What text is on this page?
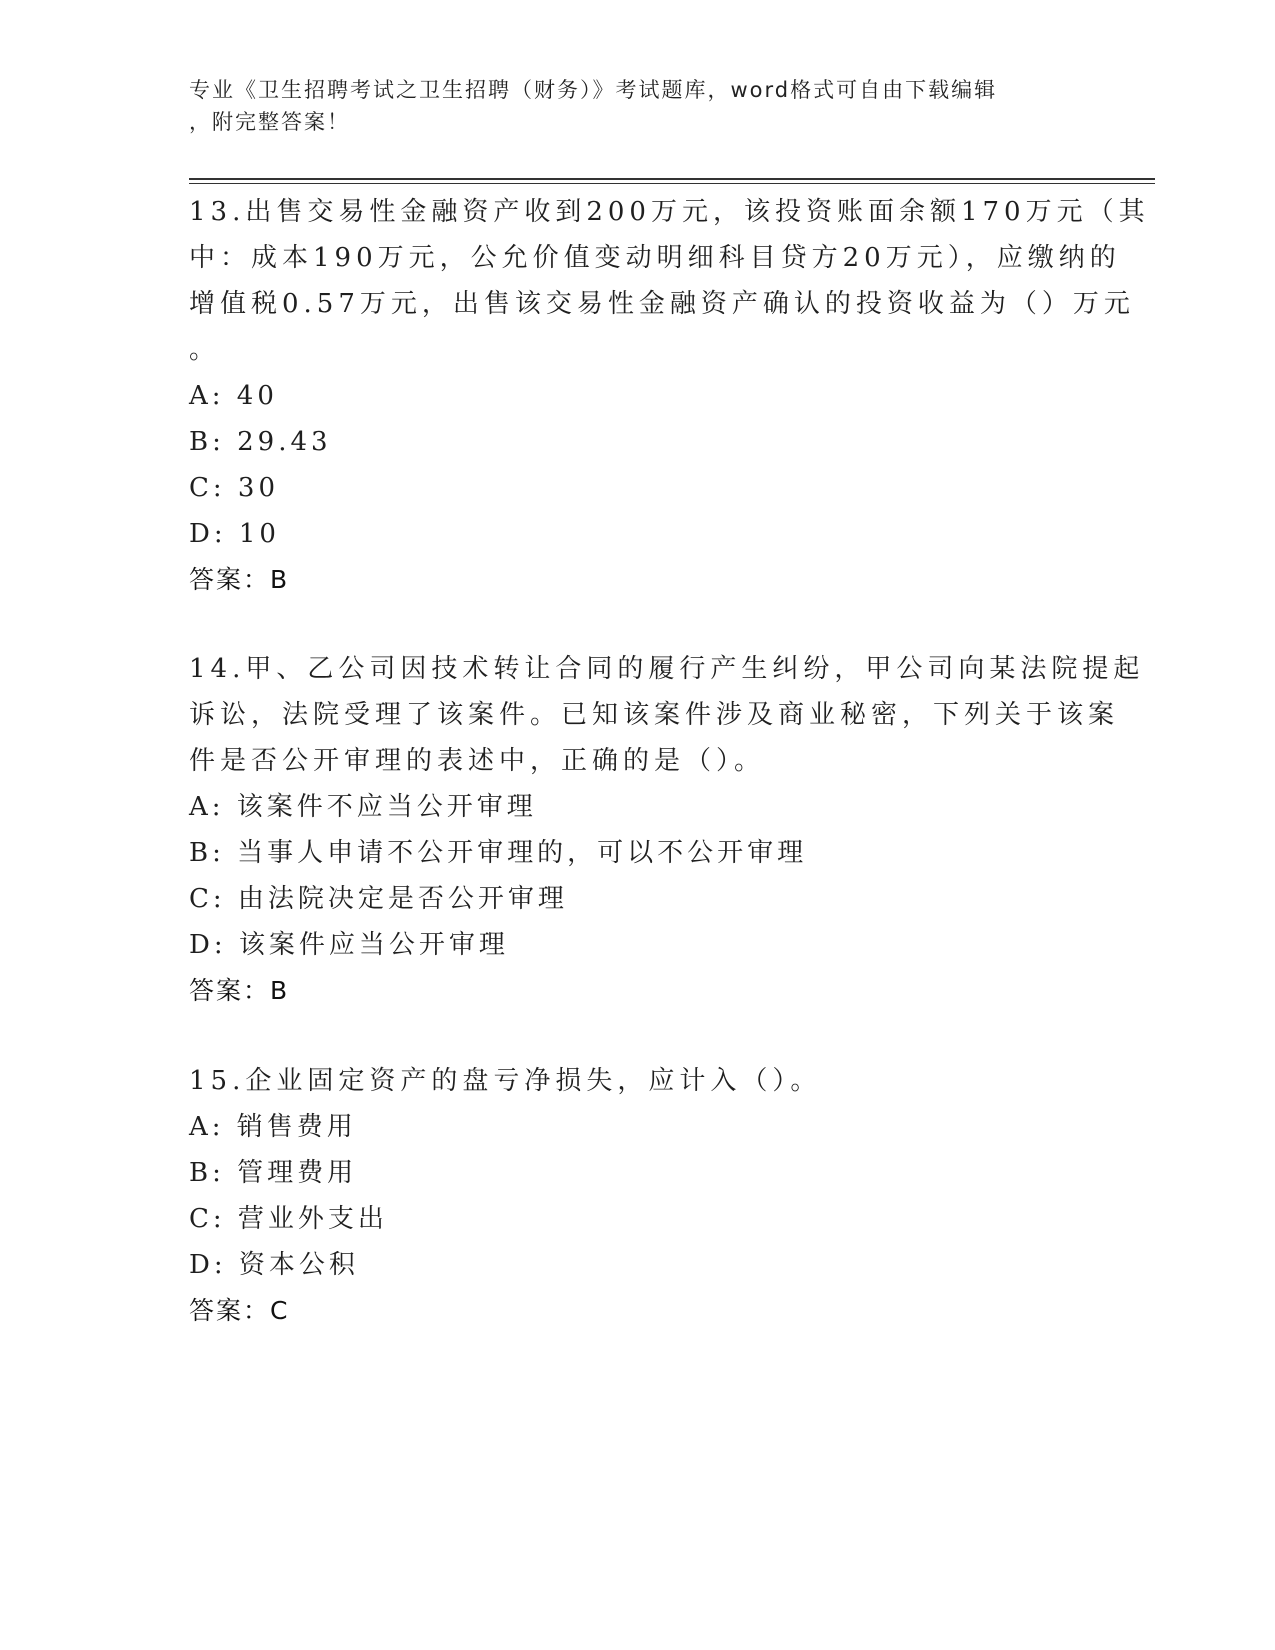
专业《卫生招聘考试之卫生招聘（财务）》考试题库，word格式可自由下载编辑
，附完整答案！
13.出售交易性金融资产收到200万元，该投资账面余额170万元（其
中：成本190万元，公允价值变动明细科目贷方20万元），应缴纳的
增值税0.57万元，出售该交易性金融资产确认的投资收益为（）万元
。
A: 40
B: 29.43
C: 30
D: 10
答案：B
14.甲、乙公司因技术转让合同的履行产生纠纷，甲公司向某法院提起
诉讼，法院受理了该案件。已知该案件涉及商业秘密，下列关于该案
件是否公开审理的表述中，正确的是（）。
A: 该案件不应当公开审理
B: 当事人申请不公开审理的，可以不公开审理
C: 由法院决定是否公开审理
D: 该案件应当公开审理
答案：B
15.企业固定资产的盘亏净损失，应计入（）。
A: 销售费用
B: 管理费用
C: 营业外支出
D: 资本公积
答案：C
